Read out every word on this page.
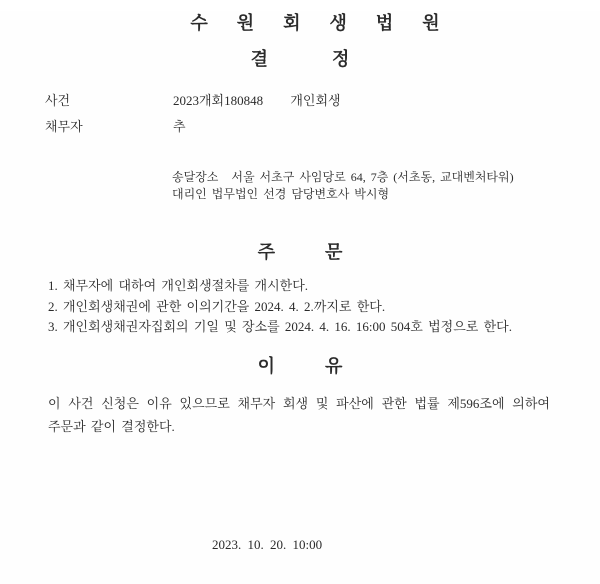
수원회생법원
결정
사건	2023개회180848 개인회생
채무자	추
송달장소 서울 서초구 사임당로 64, 7층 (서초동, 교대벤처타워)
대리인 법무법인 선경 담당변호사 박시형
주문

1. 채무자에 대하여 개인회생절차를 개시한다.

2. 개인회생채권에 관한 이의기간을 2024. 4. 2.까지로 한다.

3. 개인회생채권자집회의 기일 및 장소를 2024. 4. 16. 16:00 504호 법정으로 한다.

이유

이 사건 신청은 이유 있으므로 채무자 회생 및 파산에 관한 법률 제596조에 의하여 주문과 같이 결정한다.

2023. 10. 20. 10:00
